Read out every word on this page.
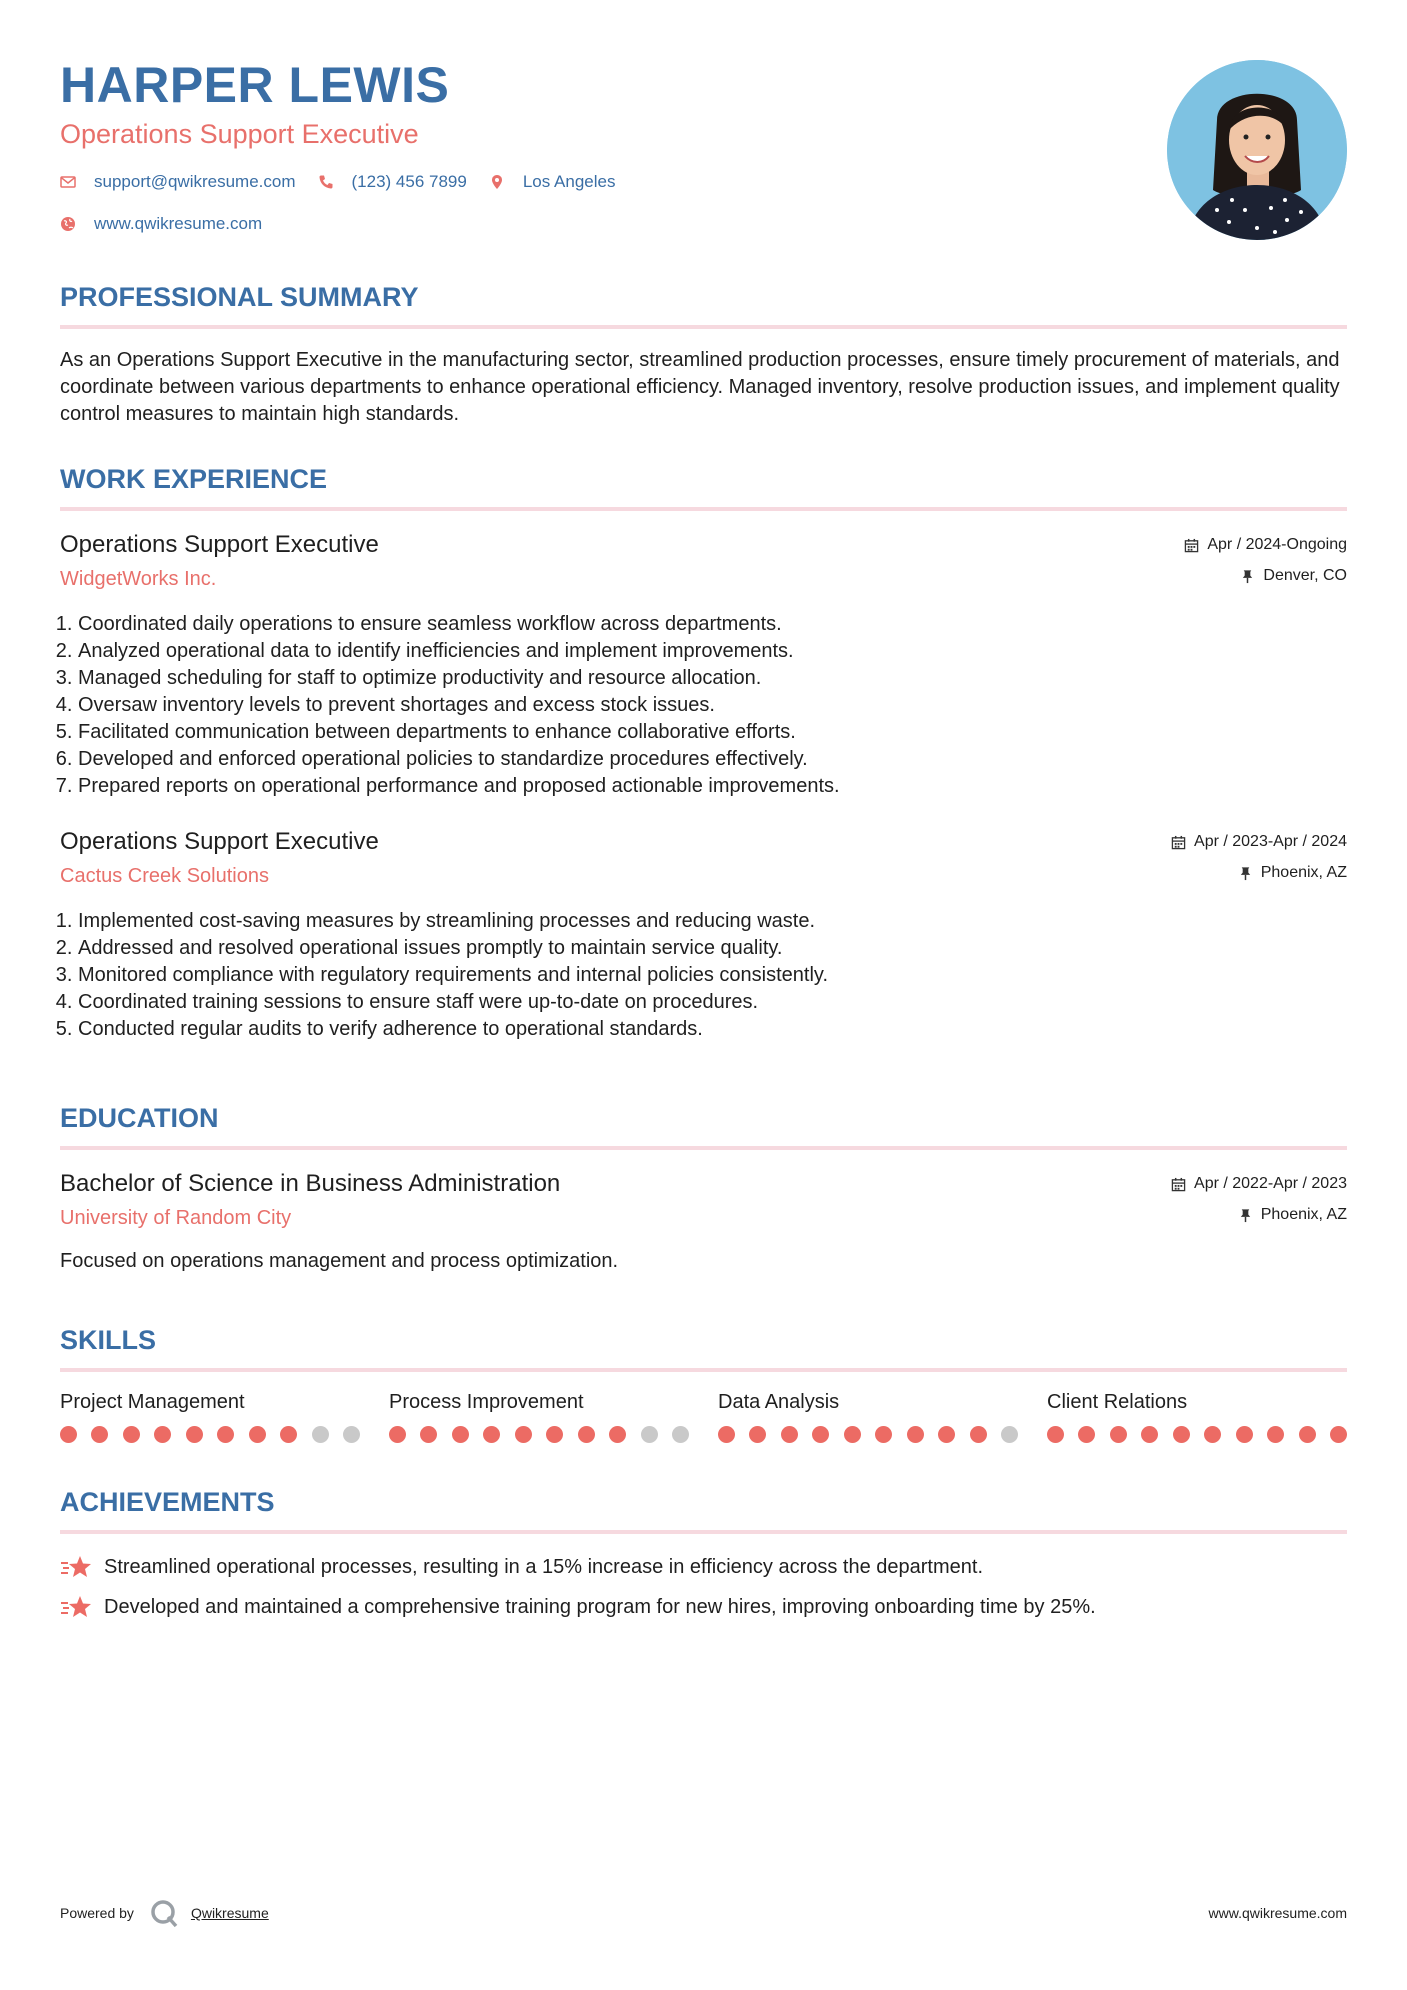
HARPER LEWIS
Operations Support Executive
support@qwikresume.com	(123) 456 7899	Los Angeles
www.qwikresume.com
PROFESSIONAL SUMMARY
As an Operations Support Executive in the manufacturing sector, streamlined production processes, ensure timely procurement of materials, and coordinate between various departments to enhance operational efficiency. Managed inventory, resolve production issues, and implement quality control measures to maintain high standards.
WORK EXPERIENCE
Operations Support Executive
WidgetWorks Inc.
Apr / 2024-Ongoing
Denver, CO
1. Coordinated daily operations to ensure seamless workflow across departments.
2. Analyzed operational data to identify inefficiencies and implement improvements.
3. Managed scheduling for staff to optimize productivity and resource allocation.
4. Oversaw inventory levels to prevent shortages and excess stock issues.
5. Facilitated communication between departments to enhance collaborative efforts.
6. Developed and enforced operational policies to standardize procedures effectively.
7. Prepared reports on operational performance and proposed actionable improvements.
Operations Support Executive
Cactus Creek Solutions
Apr / 2023-Apr / 2024
Phoenix, AZ
1. Implemented cost-saving measures by streamlining processes and reducing waste.
2. Addressed and resolved operational issues promptly to maintain service quality.
3. Monitored compliance with regulatory requirements and internal policies consistently.
4. Coordinated training sessions to ensure staff were up-to-date on procedures.
5. Conducted regular audits to verify adherence to operational standards.
EDUCATION
Bachelor of Science in Business Administration
University of Random City
Apr / 2022-Apr / 2023
Phoenix, AZ
Focused on operations management and process optimization.
SKILLS
Project Management	Process Improvement	Data Analysis	Client Relations
ACHIEVEMENTS
Streamlined operational processes, resulting in a 15% increase in efficiency across the department.
Developed and maintained a comprehensive training program for new hires, improving onboarding time by 25%.
Powered by	Qwikresume	www.qwikresume.com
